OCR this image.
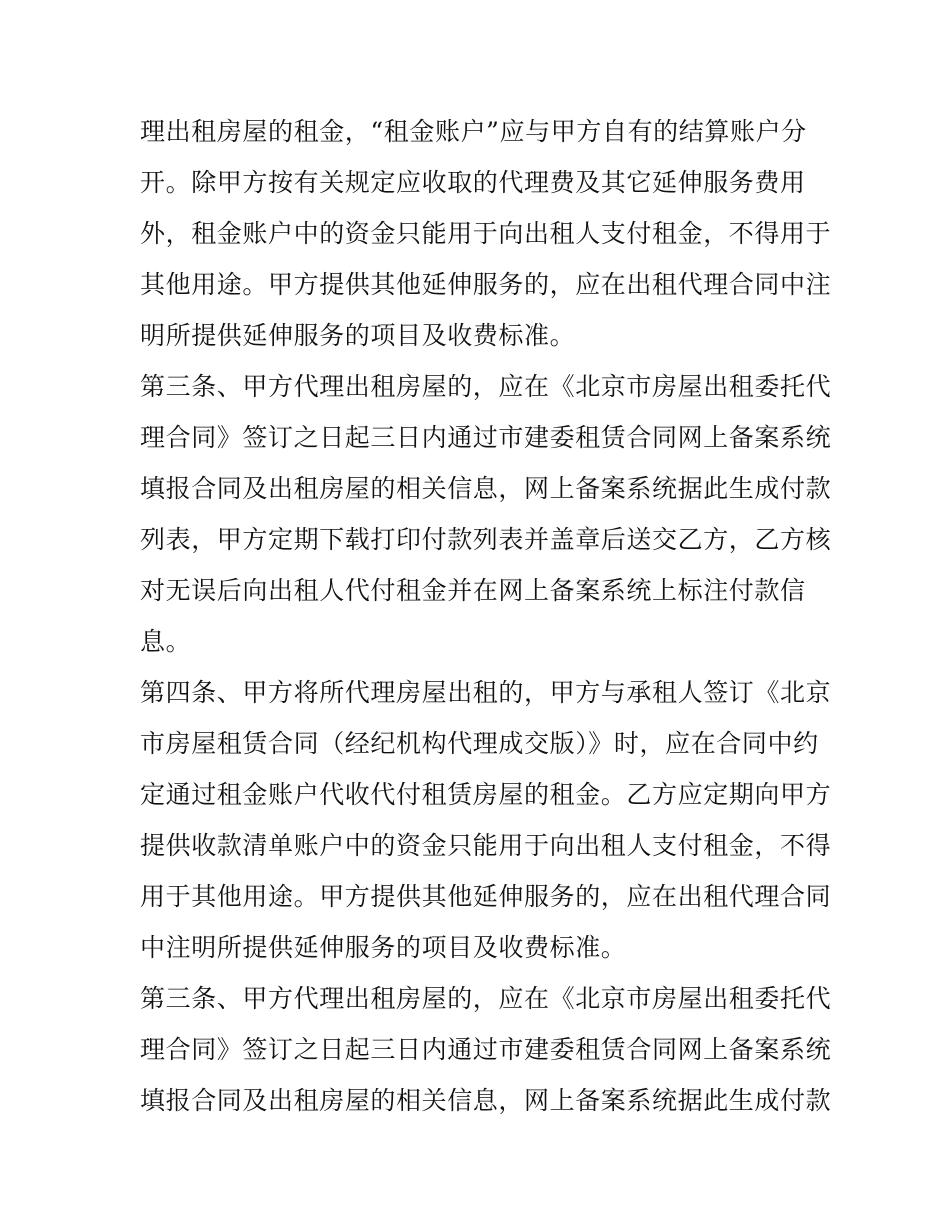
理出租房屋的租金，“租金账户”应与甲方自有的结算账户分
开。除甲方按有关规定应收取的代理费及其它延伸服务费用
外，租金账户中的资金只能用于向出租人支付租金，不得用于
其他用途。甲方提供其他延伸服务的，应在出租代理合同中注
明所提供延伸服务的项目及收费标准。
第三条、甲方代理出租房屋的，应在《北京市房屋出租委托代
理合同》签订之日起三日内通过市建委租赁合同网上备案系统
填报合同及出租房屋的相关信息，网上备案系统据此生成付款
列表，甲方定期下载打印付款列表并盖章后送交乙方，乙方核
对无误后向出租人代付租金并在网上备案系统上标注付款信
息。
第四条、甲方将所代理房屋出租的，甲方与承租人签订《北京
市房屋租赁合同（经纪机构代理成交版）》时，应在合同中约
定通过租金账户代收代付租赁房屋的租金。乙方应定期向甲方
提供收款清单账户中的资金只能用于向出租人支付租金，不得
用于其他用途。甲方提供其他延伸服务的，应在出租代理合同
中注明所提供延伸服务的项目及收费标准。
第三条、甲方代理出租房屋的，应在《北京市房屋出租委托代
理合同》签订之日起三日内通过市建委租赁合同网上备案系统
填报合同及出租房屋的相关信息，网上备案系统据此生成付款
